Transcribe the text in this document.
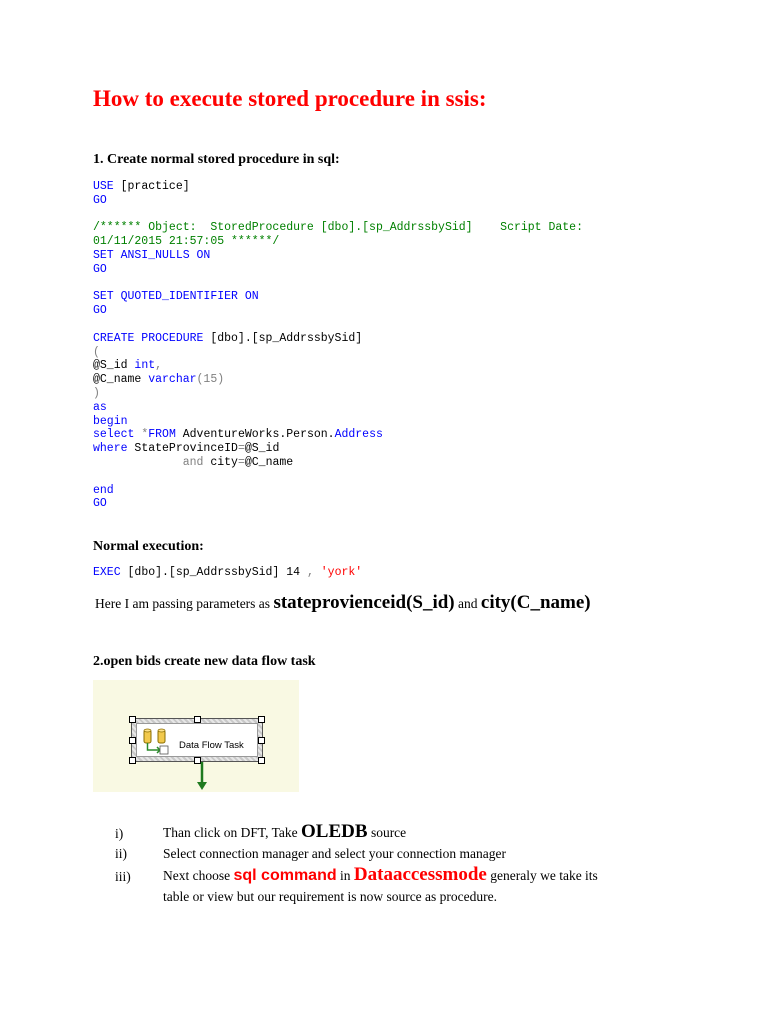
How to execute stored procedure in ssis:
1. Create normal stored procedure in sql:
USE [practice]
GO

/****** Object:  StoredProcedure [dbo].[sp_AddrssbySid]    Script Date:
01/11/2015 21:57:05 ******/
SET ANSI_NULLS ON
GO

SET QUOTED_IDENTIFIER ON
GO

CREATE PROCEDURE [dbo].[sp_AddrssbySid]
(
@S_id int,
@C_name varchar(15)
)
as
begin
select *FROM AdventureWorks.Person.Address
where StateProvinceID=@S_id
and city=@C_name

end
GO
Normal execution:
EXEC [dbo].[sp_AddrssbySid] 14 , 'york'
Here I am passing parameters as stateprovienceid(S_id) and city(C_name)
2.open bids create new data flow task
Data Flow Task
i)	Than click on DFT, Take OLEDB source
ii)	Select connection manager and select your connection manager
iii) Next choose sql command in Dataaccessmode generaly we take its
table or view but our requirement is now source as procedure.
